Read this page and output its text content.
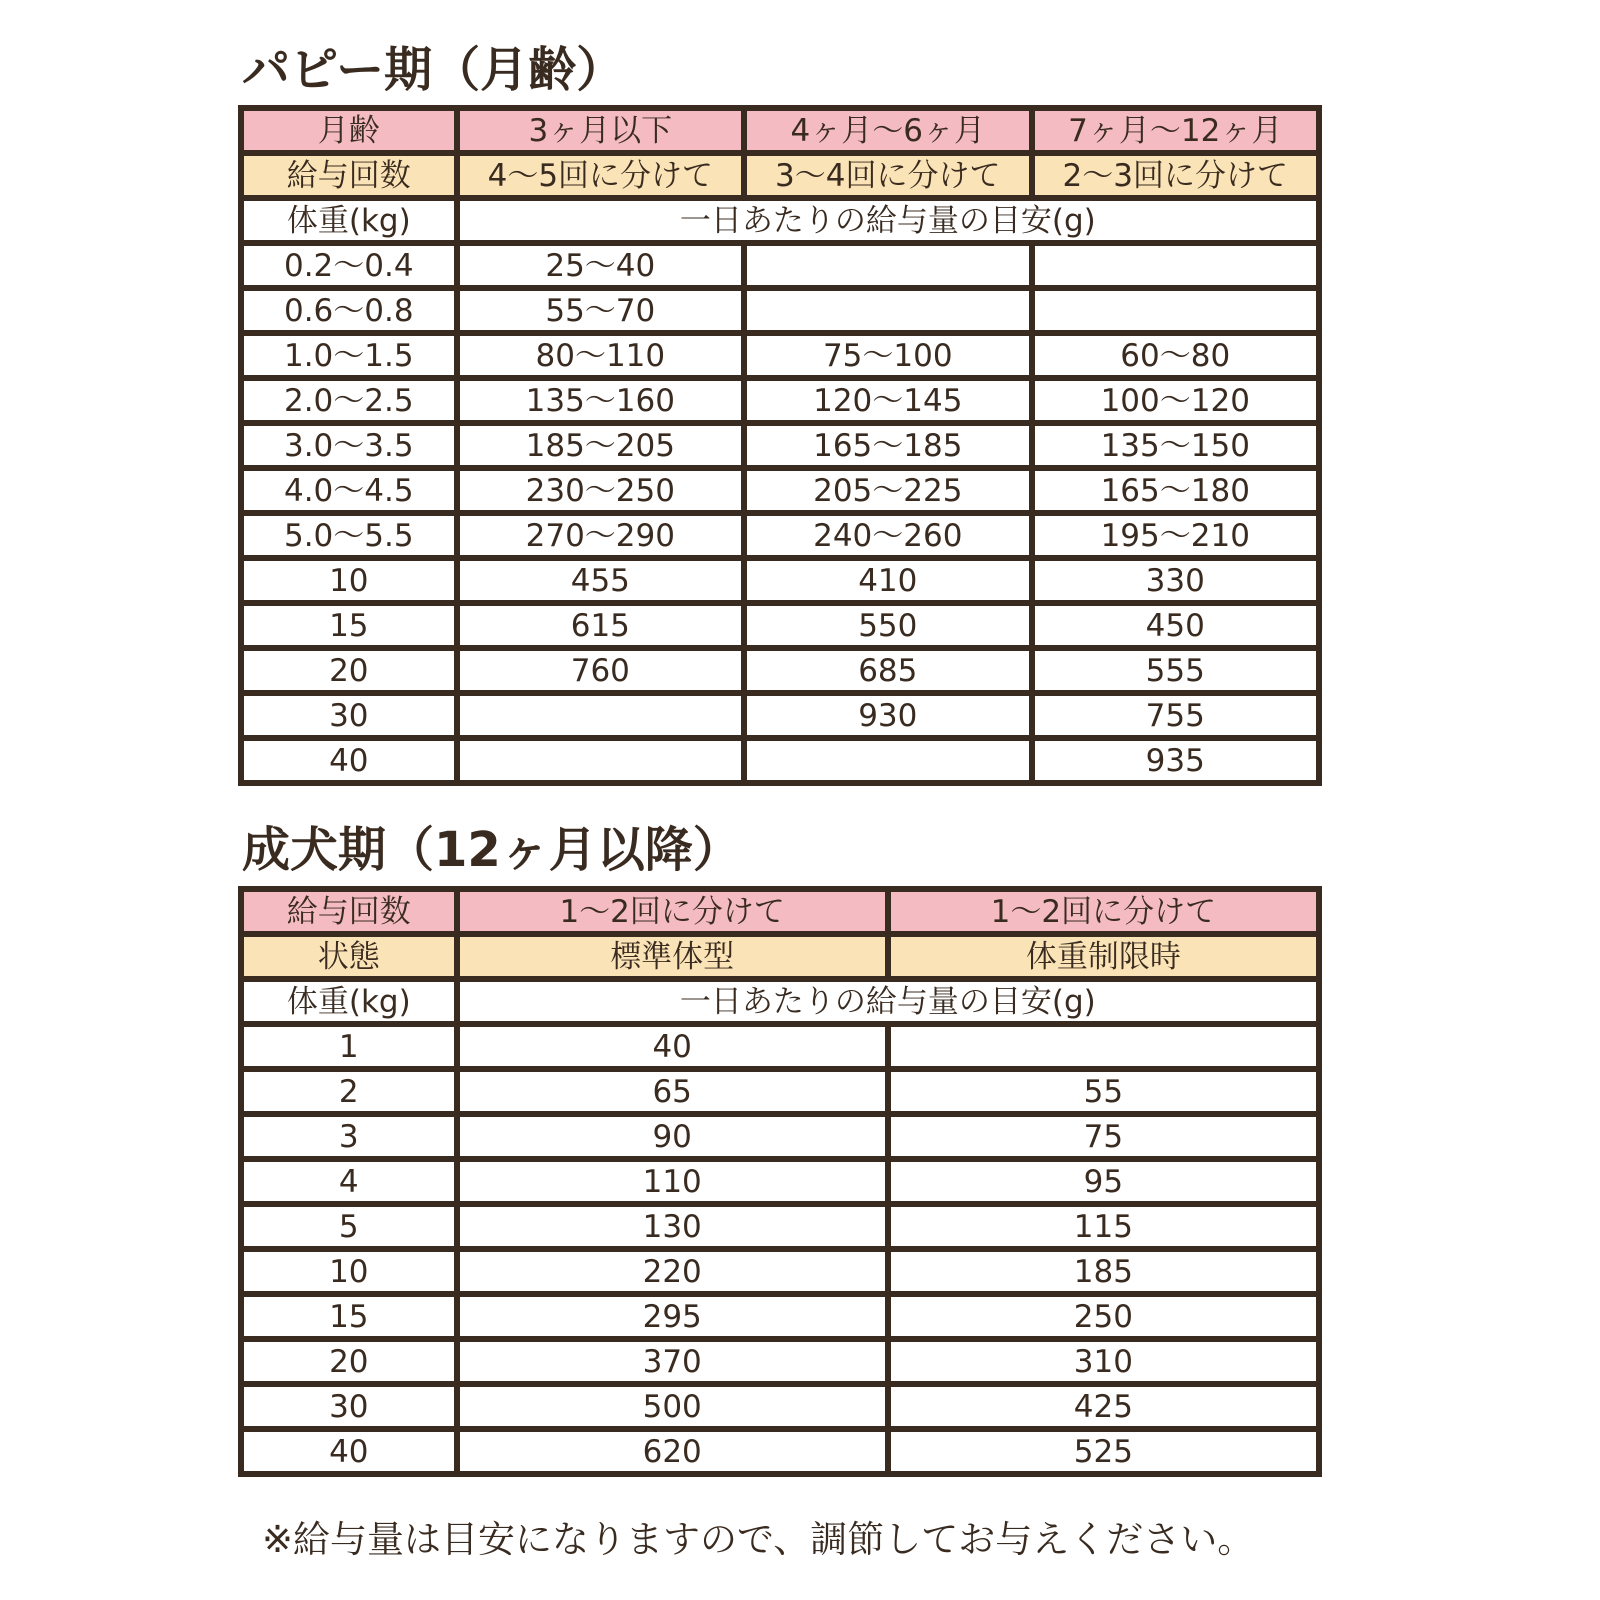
パピー期（月齢）
月齢	3ヶ月以下	4ヶ月～6ヶ月	7ヶ月～12ヶ月
給与回数	4～5回に分けて	3～4回に分けて	2～3回に分けて
体重(kg)	一日あたりの給与量の目安(g)		
0.2～0.4	25～40		
0.6～0.8	55～70		
1.0～1.5	80～110	75～100	60～80
2.0～2.5	135～160	120～145	100～120
3.0～3.5	185～205	165～185	135～150
4.0～4.5	230～250	205～225	165～180
5.0～5.5	270～290	240～260	195～210
10	455	410	330
15	615	550	450
20	760	685	555
30		930	755
40			935
成犬期（12ヶ月以降）
給与回数	1～2回に分けて	1～2回に分けて
状態	標準体型	体重制限時
体重(kg)	一日あたりの給与量の目安(g)	
1	40	
2	65	55
3	90	75
4	110	95
5	130	115
10	220	185
15	295	250
20	370	310
30	500	425
40	620	525

※給与量は目安になりますので、調節してお与えください。
